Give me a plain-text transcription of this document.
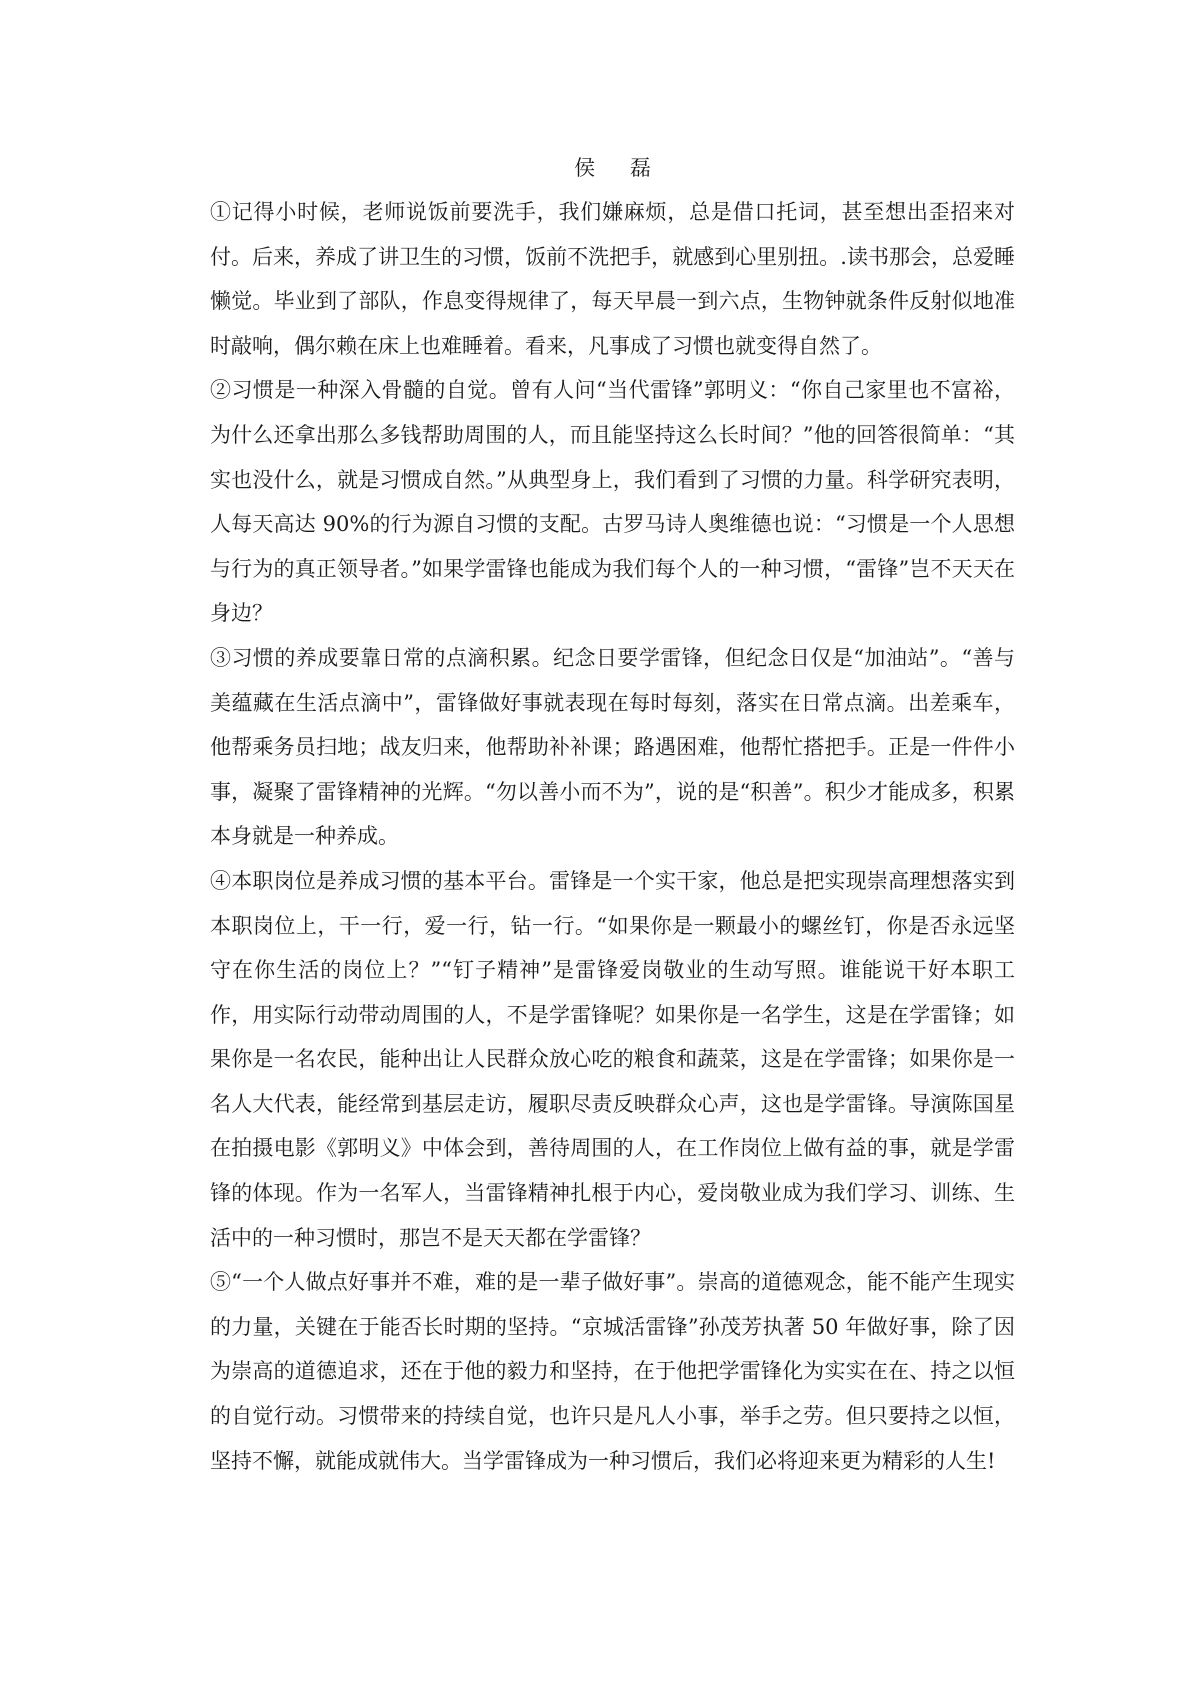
侯 磊

①记得小时候，老师说饭前要洗手，我们嫌麻烦，总是借口托词，甚至想出歪招来对付。后来，养成了讲卫生的习惯，饭前不洗把手，就感到心里别扭。.读书那会，总爱睡懒觉。毕业到了部队，作息变得规律了，每天早晨一到六点，生物钟就条件反射似地准时敲响，偶尔赖在床上也难睡着。看来，凡事成了习惯也就变得自然了。

②习惯是一种深入骨髓的自觉。曾有人问“当代雷锋”郭明义：“你自己家里也不富裕，为什么还拿出那么多钱帮助周围的人，而且能坚持这么长时间？”他的回答很简单：“其实也没什么，就是习惯成自然。”从典型身上，我们看到了习惯的力量。科学研究表明，人每天高达 90%的行为源自习惯的支配。古罗马诗人奥维德也说：“习惯是一个人思想与行为的真正领导者。”如果学雷锋也能成为我们每个人的一种习惯，“雷锋”岂不天天在身边？

③习惯的养成要靠日常的点滴积累。纪念日要学雷锋，但纪念日仅是“加油站”。“善与美蕴藏在生活点滴中”，雷锋做好事就表现在每时每刻，落实在日常点滴。出差乘车，他帮乘务员扫地；战友归来，他帮助补补课；路遇困难，他帮忙搭把手。正是一件件小事，凝聚了雷锋精神的光辉。“勿以善小而不为”，说的是“积善”。积少才能成多，积累本身就是一种养成。

④本职岗位是养成习惯的基本平台。雷锋是一个实干家，他总是把实现崇高理想落实到本职岗位上，干一行，爱一行，钻一行。“如果你是一颗最小的螺丝钉，你是否永远坚守在你生活的岗位上？”“钉子精神”是雷锋爱岗敬业的生动写照。谁能说干好本职工作，用实际行动带动周围的人，不是学雷锋呢？如果你是一名学生，这是在学雷锋；如果你是一名农民，能种出让人民群众放心吃的粮食和蔬菜，这是在学雷锋；如果你是一名人大代表，能经常到基层走访，履职尽责反映群众心声，这也是学雷锋。导演陈国星在拍摄电影《郭明义》中体会到，善待周围的人，在工作岗位上做有益的事，就是学雷锋的体现。作为一名军人，当雷锋精神扎根于内心，爱岗敬业成为我们学习、训练、生活中的一种习惯时，那岂不是天天都在学雷锋？

⑤“一个人做点好事并不难，难的是一辈子做好事”。崇高的道德观念，能不能产生现实的力量，关键在于能否长时期的坚持。“京城活雷锋”孙茂芳执著 50 年做好事，除了因为崇高的道德追求，还在于他的毅力和坚持，在于他把学雷锋化为实实在在、持之以恒的自觉行动。习惯带来的持续自觉，也许只是凡人小事，举手之劳。但只要持之以恒，坚持不懈，就能成就伟大。当学雷锋成为一种习惯后，我们必将迎来更为精彩的人生!
